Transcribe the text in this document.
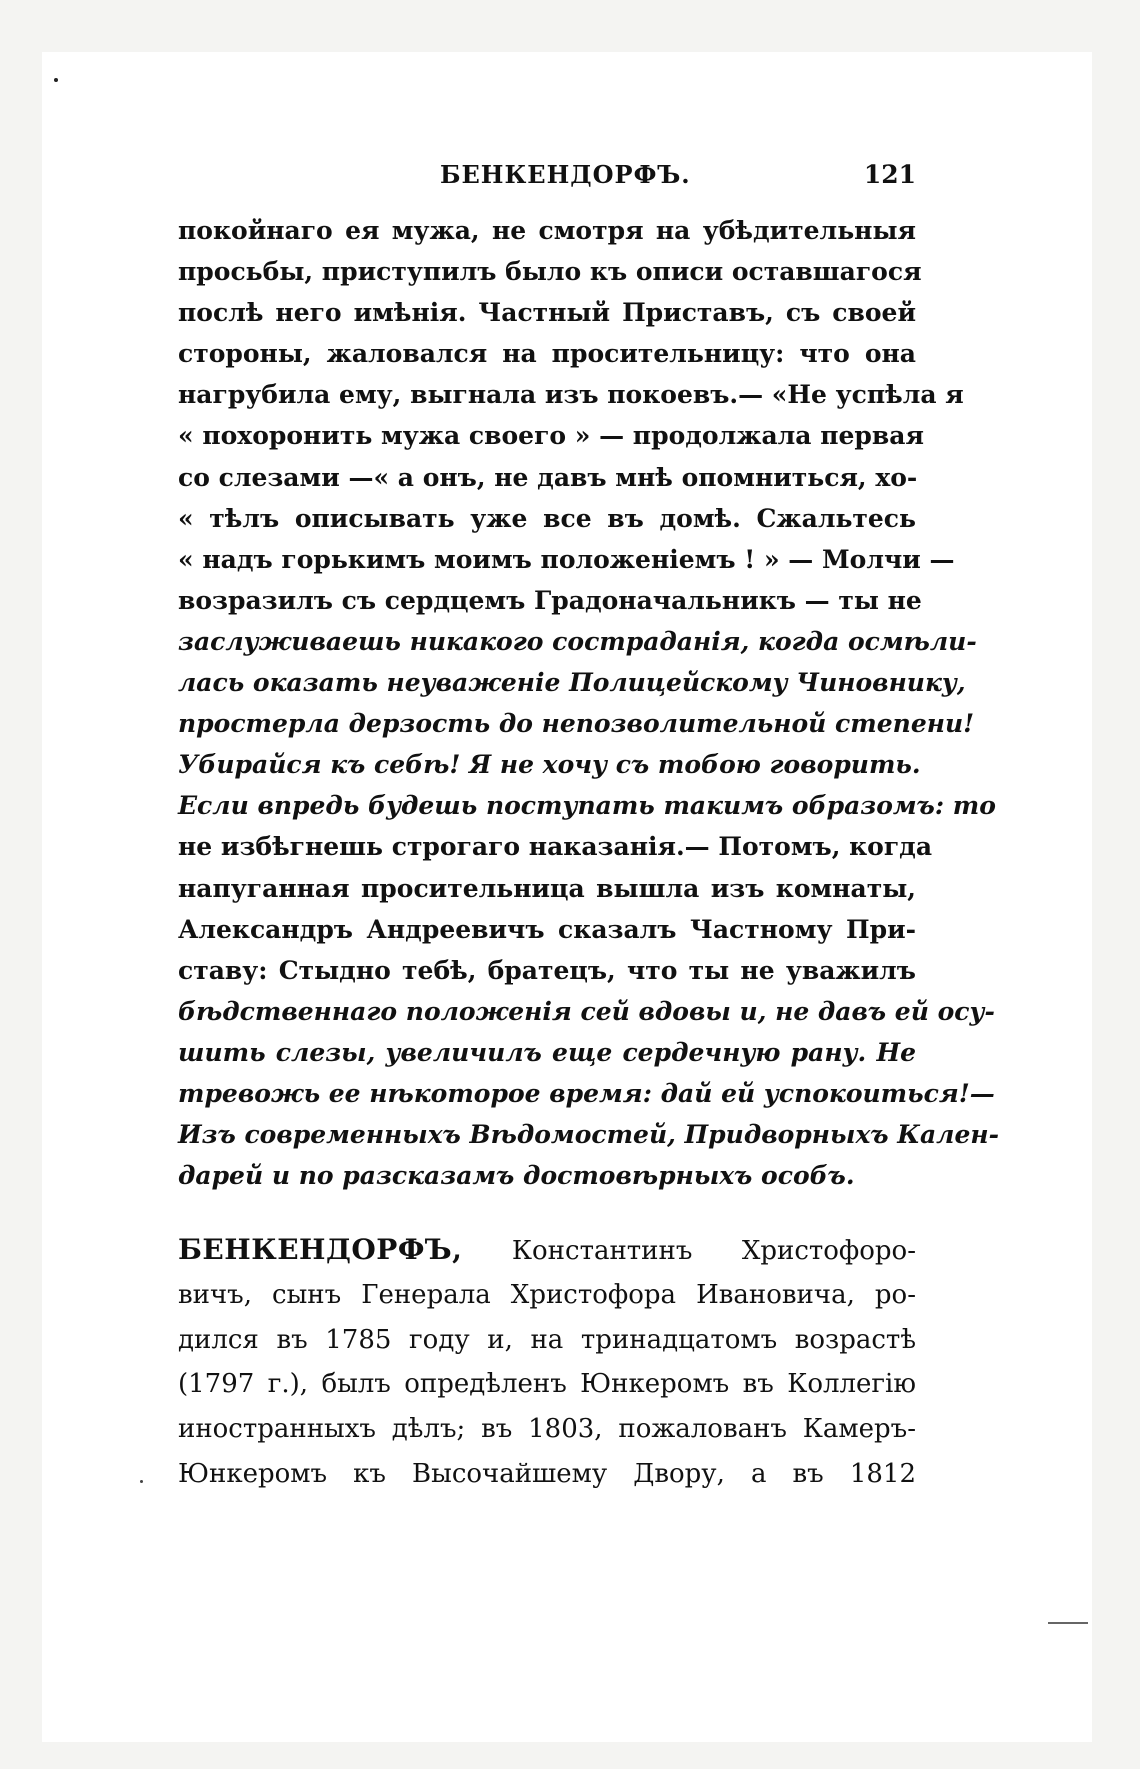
БЕНКЕНДОРФЪ.	121
покойнаго ея мужа, не смотря на убѣдительныя
просьбы, приступилъ было къ описи оставшагося
послѣ него имѣнія. Частный Приставъ, съ своей
стороны, жаловался на просительницу: что она
нагрубила ему, выгнала изъ покоевъ.— «Не успѣла я
« похоронить мужа своего » — продолжала первая
со слезами —« а онъ, не давъ мнѣ опомниться, хо-
« тѣлъ описывать уже все въ домѣ. Сжальтесь
« надъ горькимъ моимъ положеніемъ ! » — Молчи —
возразилъ съ сердцемъ Градоначальникъ — ты не
заслуживаешь никакого состраданія, когда осмѣли-
лась оказать неуваженіе Полицейскому Чиновнику,
простерла дерзость до непозволительной степени!
Убирайся къ себѣ! Я не хочу съ тобою говорить.
Если впредь будешь поступать такимъ образомъ: то
не избѣгнешь строгаго наказанія.— Потомъ, когда
напуганная просительница вышла изъ комнаты,
Александръ Андреевичъ сказалъ Частному При-
ставу: Стыдно тебѣ, братецъ, что ты не уважилъ
бѣдственнаго положенія сей вдовы и, не давъ ей осу-
шить слезы, увеличилъ еще сердечную рану. Не
тревожь ее нѣкоторое время: дай ей успокоиться!—
Изъ современныхъ Вѣдомостей, Придворныхъ Кален-
дарей и по разсказамъ достовѣрныхъ особъ.
БЕНКЕНДОРФЪ, Константинъ Христофоро-
вичъ, сынъ Генерала Христофора Ивановича, ро-
дился въ 1785 году и, на тринадцатомъ возрастѣ
(1797 г.), былъ опредѣленъ Юнкеромъ въ Коллегію
иностранныхъ дѣлъ; въ 1803, пожалованъ Камеръ-
Юнкеромъ къ Высочайшему Двору, а въ 1812
